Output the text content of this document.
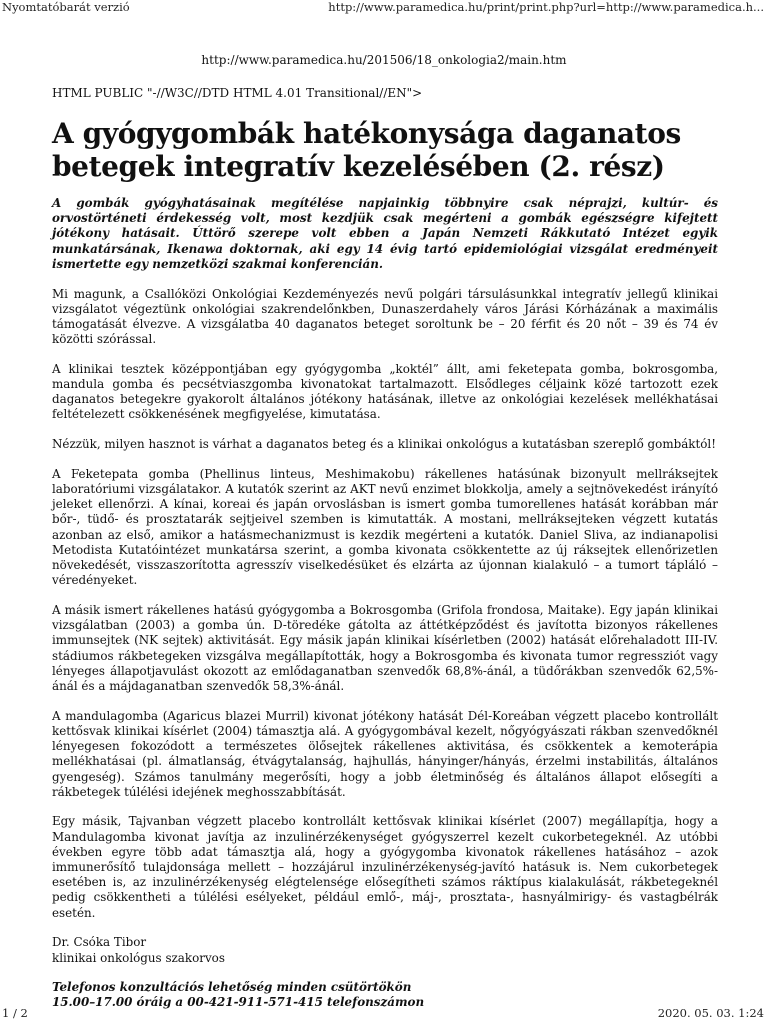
Nyomtatóbarát verzió	http://www.paramedica.hu/print/print.php?url=http://www.paramedica.h...
http://www.paramedica.hu/201506/18_onkologia2/main.htm
HTML PUBLIC "-//W3C//DTD HTML 4.01 Transitional//EN">
A gyógygombák hatékonysága daganatos betegek integratív kezelésében (2. rész)

A gombák gyógyhatásainak megítélése napjainkig többnyire csak néprajzi, kultúr- és orvostörténeti érdekesség volt, most kezdjük csak megérteni a gombák egészségre kifejtett jótékony hatásait. Úttörő szerepe volt ebben a Japán Nemzeti Rákkutató Intézet egyik munkatársának, Ikenawa doktornak, aki egy 14 évig tartó epidemiológiai vizsgálat eredményeit ismertette egy nemzetközi szakmai konferencián.

Mi magunk, a Csallóközi Onkológiai Kezdeményezés nevű polgári társulásunkkal integratív jellegű klinikai vizsgálatot végeztünk onkológiai szakrendelőnkben, Dunaszerdahely város Járási Kórházának a maximális támogatását élvezve. A vizsgálatba 40 daganatos beteget soroltunk be – 20 férfit és 20 nőt – 39 és 74 év közötti szórással.

A klinikai tesztek középpontjában egy gyógygomba „koktél” állt, ami feketepata gomba, bokrosgomba, mandula gomba és pecsétviaszgomba kivonatokat tartalmazott. Elsődleges céljaink közé tartozott ezek daganatos betegekre gyakorolt általános jótékony hatásának, illetve az onkológiai kezelések mellékhatásai feltételezett csökkenésének megfigyelése, kimutatása.

Nézzük, milyen hasznot is várhat a daganatos beteg és a klinikai onkológus a kutatásban szereplő gombáktól!

A Feketepata gomba (Phellinus linteus, Meshimakobu) rákellenes hatásúnak bizonyult mellráksejtek laboratóriumi vizsgálatakor. A kutatók szerint az AKT nevű enzimet blokkolja, amely a sejtnövekedést irányító jeleket ellenőrzi. A kínai, koreai és japán orvoslásban is ismert gomba tumorellenes hatását korábban már bőr-, tüdő- és prosztatarák sejtjeivel szemben is kimutatták. A mostani, mellráksejteken végzett kutatás azonban az első, amikor a hatásmechanizmust is kezdik megérteni a kutatók. Daniel Sliva, az indianapolisi Metodista Kutatóintézet munkatársa szerint, a gomba kivonata csökkentette az új ráksejtek ellenőrizetlen növekedését, visszaszorította agresszív viselkedésüket és elzárta az újonnan kialakuló – a tumort tápláló – véredényeket.

A másik ismert rákellenes hatású gyógygomba a Bokrosgomba (Grifola frondosa, Maitake). Egy japán klinikai vizsgálatban (2003) a gomba ún. D-töredéke gátolta az áttétképződést és javította bizonyos rákellenes immunsejtek (NK sejtek) aktivitását. Egy másik japán klinikai kísérletben (2002) hatását előrehaladott III-IV. stádiumos rákbetegeken vizsgálva megállapították, hogy a Bokrosgomba és kivonata tumor regressziót vagy lényeges állapotjavulást okozott az emlődaganatban szenvedők 68,8%-ánál, a tüdőrákban szenvedők 62,5%-ánál és a májdaganatban szenvedők 58,3%-ánál.

A mandulagomba (Agaricus blazei Murril) kivonat jótékony hatását Dél-Koreában végzett placebo kontrollált kettősvak klinikai kísérlet (2004) támasztja alá. A gyógygombával kezelt, nőgyógyászati rákban szenvedőknél lényegesen fokozódott a természetes ölősejtek rákellenes aktivitása, és csökkentek a kemoterápia mellékhatásai (pl. álmatlanság, étvágytalanság, hajhullás, hányinger/hányás, érzelmi instabilitás, általános gyengeség). Számos tanulmány megerősíti, hogy a jobb életminőség és általános állapot elősegíti a rákbetegek túlélési idejének meghosszabbítását.

Egy másik, Tajvanban végzett placebo kontrollált kettősvak klinikai kísérlet (2007) megállapítja, hogy a Mandulagomba kivonat javítja az inzulinérzékenységet gyógyszerrel kezelt cukorbetegeknél. Az utóbbi években egyre több adat támasztja alá, hogy a gyógygomba kivonatok rákellenes hatásához – azok immunerősítő tulajdonsága mellett – hozzájárul inzulinérzékenység-javító hatásuk is. Nem cukorbetegek esetében is, az inzulinérzékenység elégtelensége elősegítheti számos ráktípus kialakulását, rákbetegeknél pedig csökkentheti a túlélési esélyeket, például emlő-, máj-, prosztata-, hasnyálmirigy- és vastagbélrák esetén.

Dr. Csóka Tibor
klinikai onkológus szakorvos

Telefonos konzultációs lehetőség minden csütörtökön
15.00–17.00 óráig a 00-421-911-571-415 telefonszámon

1 / 2	2020. 05. 03. 1:24
